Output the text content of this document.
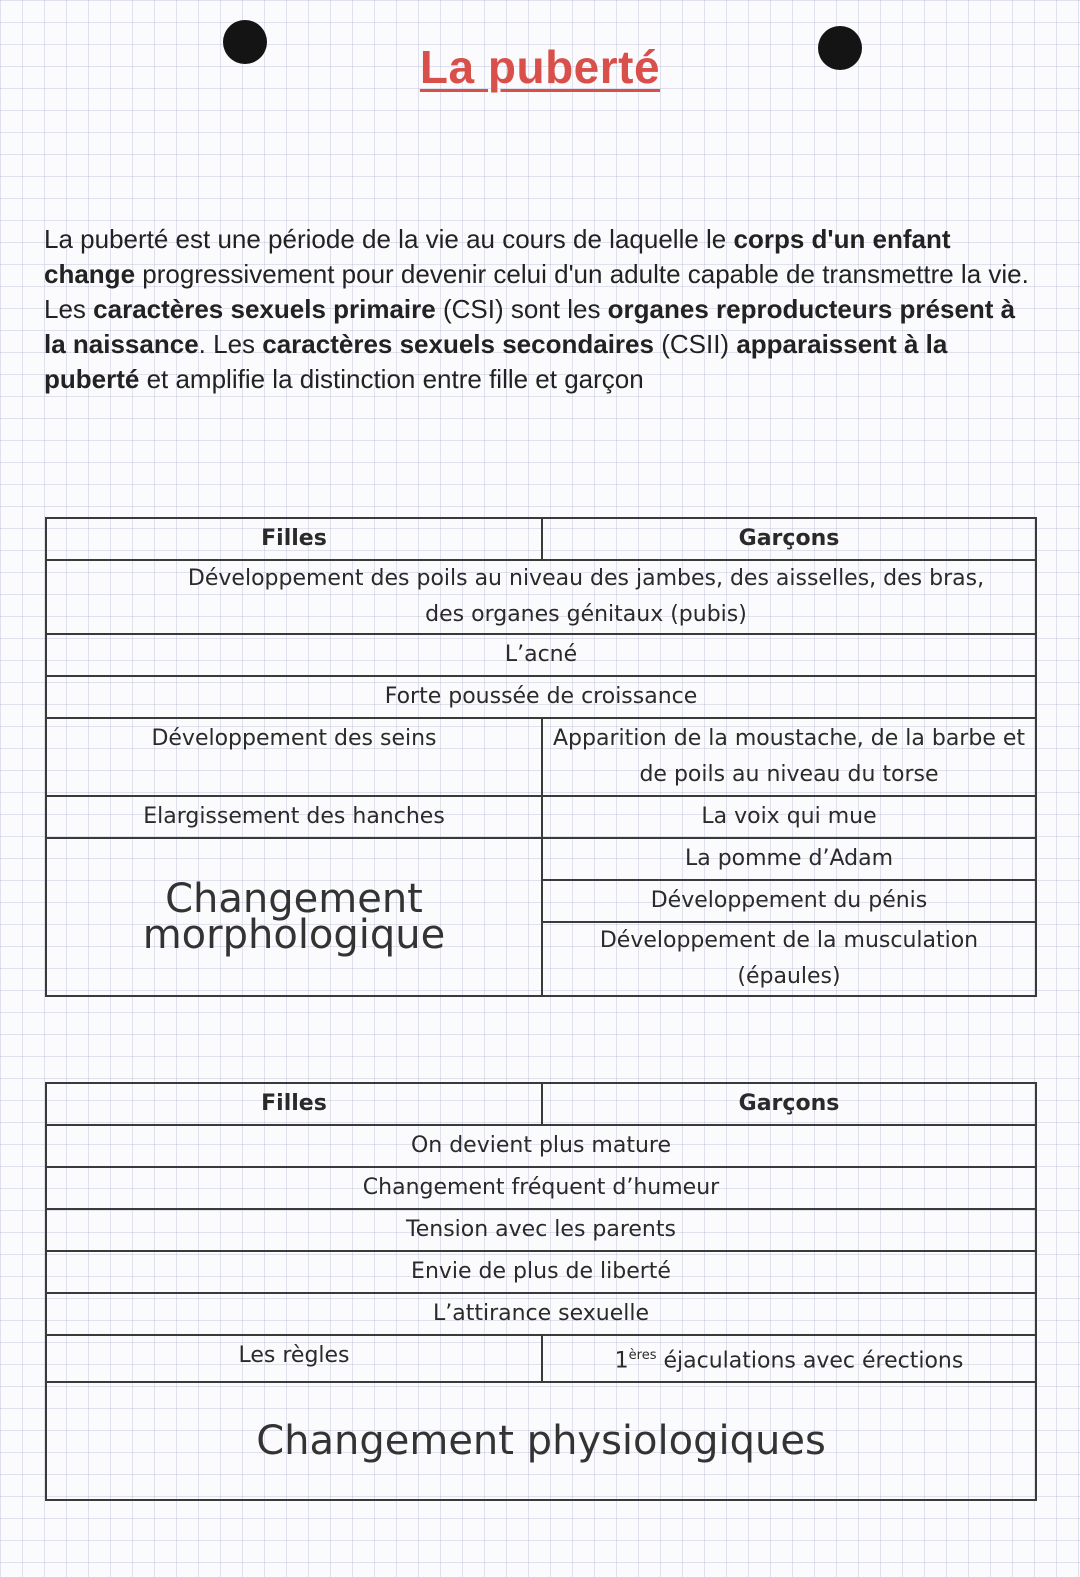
La puberté
La puberté est une période de la vie au cours de laquelle le corps d'un enfant change progressivement pour devenir celui d'un adulte capable de transmettre la vie. Les caractères sexuels primaire (CSI) sont les organes reproducteurs présent à la naissance. Les caractères sexuels secondaires (CSII) apparaissent à la puberté et amplifie la distinction entre fille et garçon
Filles	Garçons
Développement des poils au niveau des jambes, des aisselles, des bras, des organes génitaux (pubis)	
L’acné	
Forte poussée de croissance	
Développement des seins	Apparition de la moustache, de la barbe et de poils au niveau du torse
Elargissement des hanches	La voix qui mue
Changement morphologique	La pomme d’Adam
	Développement du pénis
	Développement de la musculation (épaules)
Filles	Garçons
On devient plus mature	
Changement fréquent d’humeur	
Tension avec les parents	
Envie de plus de liberté	
L’attirance sexuelle	
Les règles	1ères éjaculations avec érections
Changement physiologiques	
